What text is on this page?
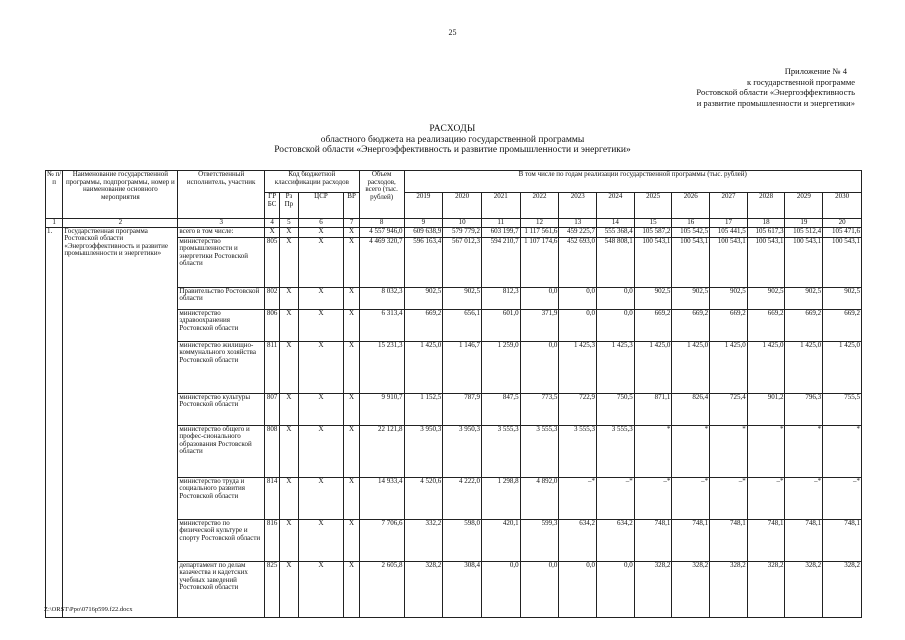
25
Приложение № 4
к государственной программе
Ростовской области «Энергоэффективность
и развитие промышленности и энергетики»
РАСХОДЫ
областного бюджета на реализацию государственной программы
Ростовской области «Энергоэффективность и развитие промышленности и энергетики»
№ п/п	Наименование государственной программы, подпрограммы, номер и наименование основного мероприятия	Ответственный исполнитель, участник	Код бюджетной классификации расходов				Объем расходов, всего (тыс. рублей)	В том числе по годам реализации государственной программы (тыс. рублей)											
			ГР БС	Рз Пр	ЦСР	ВР		2019	2020	2021	2022	2023	2024	2025	2026	2027	2028	2029	2030
1	2	3	4	5	6	7	8	9	10	11	12	13	14	15	16	17	18	19	20
1.	Государственная программа Ростовской области «Энергоэффективность и развитие промышленности и энергетики»	всего в том числе:	X	X	X	X	4 557 946,0	609 638,9	579 779,2	603 199,7	1 117 561,6	459 225,7	555 368,4	105 587,2	105 542,5	105 441,5	105 617,3	105 512,4	105 471,6
		министерство промышленности и энергетики Ростовской области	805	X	X	X	4 469 320,7	596 163,4	567 012,3	594 210,7	1 107 174,6	452 693,0	548 808,1	100 543,1	100 543,1	100 543,1	100 543,1	100 543,1	100 543,1
		Правительство Ростовской области	802	X	X	X	8 032,3	902,5	902,5	812,3	0,0	0,0	0,0	902,5	902,5	902,5	902,5	902,5	902,5
		министерство здравоохранения Ростовской области	806	X	X	X	6 313,4	669,2	656,1	601,0	371,9	0,0	0,0	669,2	669,2	669,2	669,2	669,2	669,2
		министерство жилищно-коммунального хозяйства Ростовской области	811	X	X	X	15 231,3	1 425,0	1 146,7	1 259,0	0,0	1 425,3	1 425,3	1 425,0	1 425,0	1 425,0	1 425,0	1 425,0	1 425,0
		министерство культуры Ростовской области	807	X	X	X	9 910,7	1 152,5	787,9	847,5	773,5	722,9	750,5	871,1	826,4	725,4	901,2	796,3	755,5
		министерство общего и профес-сионального образования Ростовской области	808	X	X	X	22 121,8	3 950,3	3 950,3	3 555,3	3 555,3	3 555,3	3 555,3	*	*	*	*	*	*
		министерство труда и социального развития Ростовской области	814	X	X	X	14 933,4	4 520,6	4 222,0	1 298,8	4 892,0	–*	–*	–*	–*	–*	–*	–*	–*
		министерство по физической культуре и спорту Ростовской области	816	X	X	X	7 706,6	332,2	598,0	420,1	599,3	634,2	634,2	748,1	748,1	748,1	748,1	748,1	748,1
		департамент по делам казачества и кадетских учебных заведений Ростовской области	825	X	X	X	2 605,8	328,2	308,4	0,0	0,0	0,0	0,0	328,2	328,2	328,2	328,2	328,2	328,2
Z:\ORST\Ppo\0716p599.f22.docx
